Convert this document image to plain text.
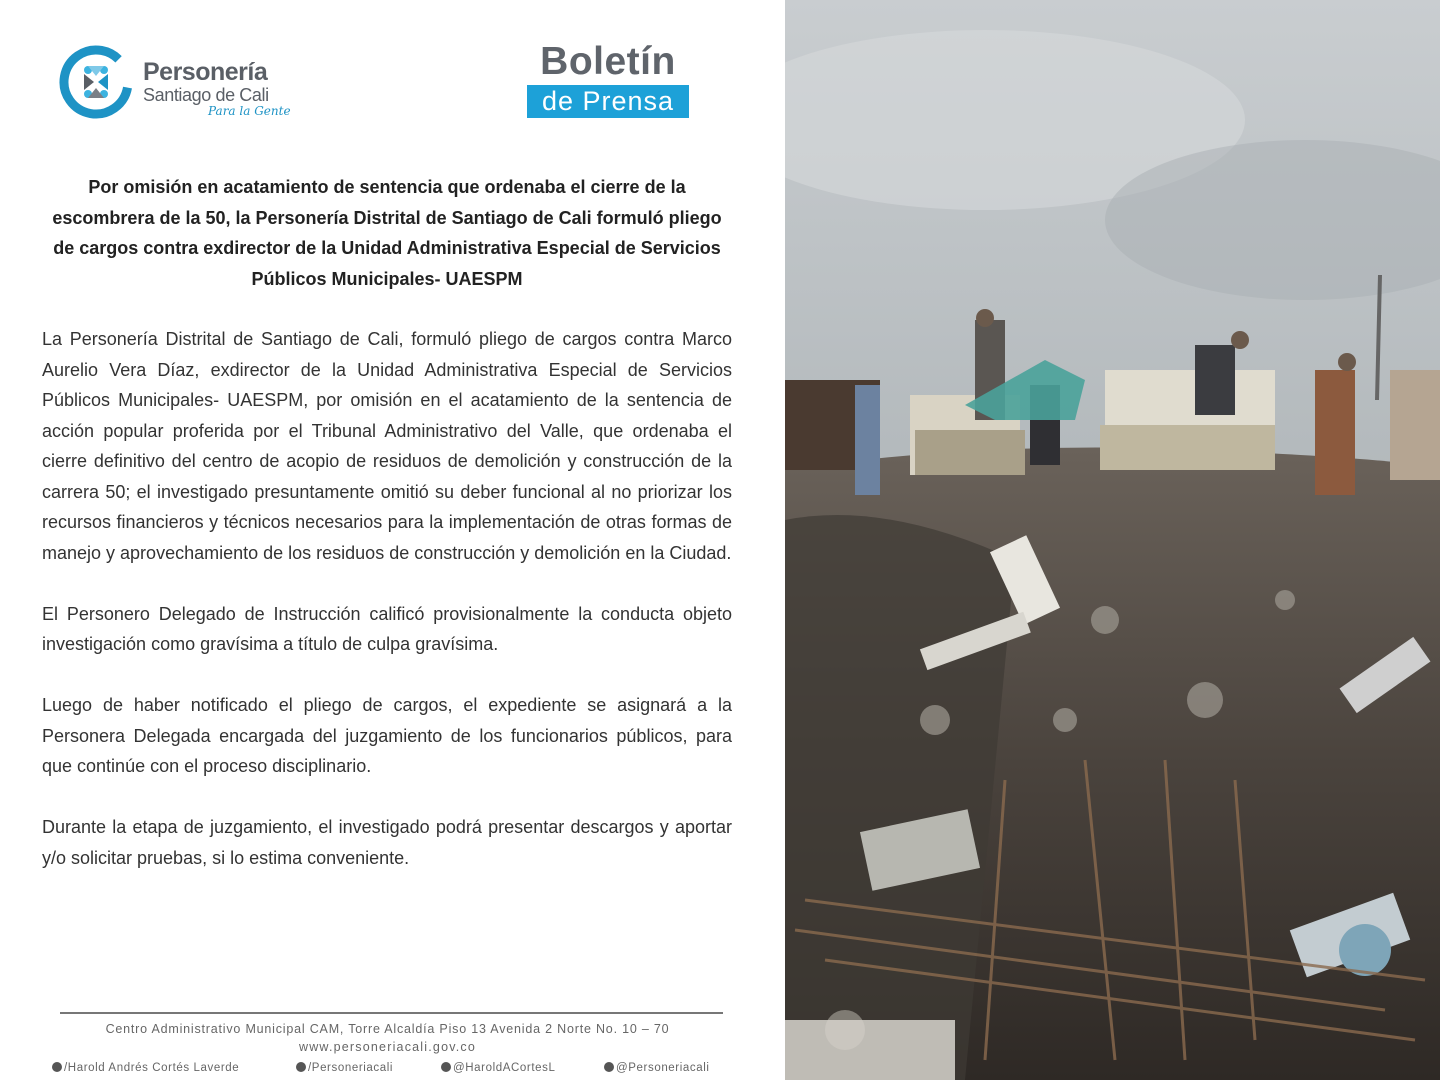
Personería
Santiago de Cali
Para la Gente
Boletín
de Prensa

Por omisión en acatamiento de sentencia que ordenaba el cierre de la escombrera de la 50, la Personería Distrital de Santiago de Cali formuló pliego de cargos contra exdirector de la Unidad Administrativa Especial de Servicios Públicos Municipales- UAESPM

La Personería Distrital de Santiago de Cali, formuló pliego de cargos contra Marco Aurelio Vera Díaz, exdirector de la Unidad Administrativa Especial de Servicios Públicos Municipales- UAESPM, por omisión en el acatamiento de la sentencia de acción popular proferida por el Tribunal Administrativo del Valle, que ordenaba el cierre definitivo del centro de acopio de residuos de demolición y construcción de la carrera 50; el investigado presuntamente omitió su deber funcional al no priorizar los recursos financieros y técnicos necesarios para la implementación de otras formas de manejo y aprovechamiento de los residuos de construcción y demolición en la Ciudad.

El Personero Delegado de Instrucción calificó provisionalmente la conducta objeto investigación como gravísima a título de culpa gravísima.

Luego de haber notificado el pliego de cargos, el expediente se asignará a la Personera Delegada encargada del juzgamiento de los funcionarios públicos, para que continúe con el proceso disciplinario.

Durante la etapa de juzgamiento, el investigado podrá presentar descargos y aportar y/o solicitar pruebas, si lo estima conveniente.

Centro Administrativo Municipal CAM, Torre Alcaldía Piso 13 Avenida 2 Norte No. 10 – 70
www.personeriacali.gov.co
/Harold Andrés Cortés Laverde	/Personeriacali	@HaroldACortesL	@Personeriacali
